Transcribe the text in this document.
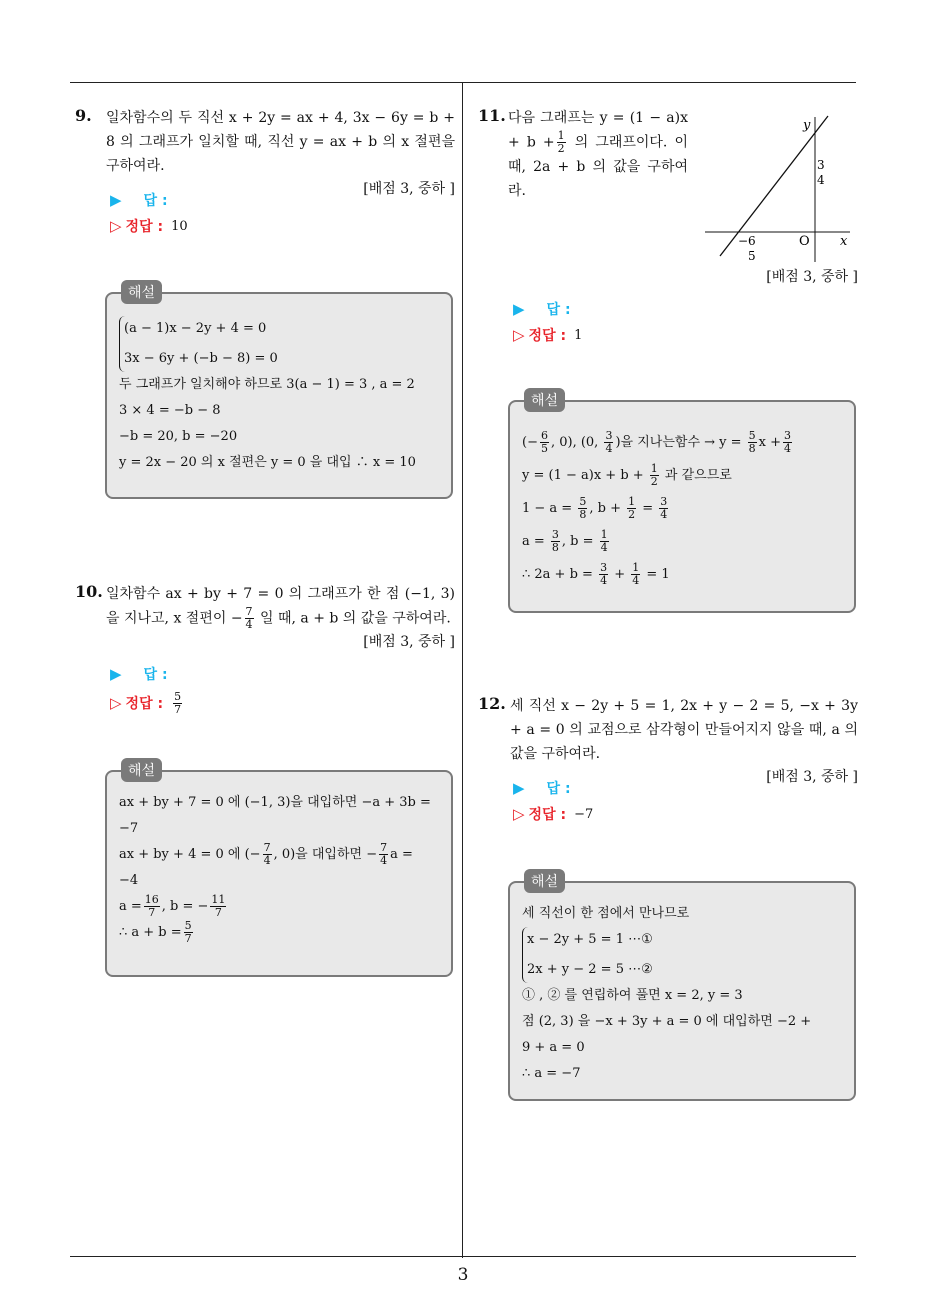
3
9. 일차함수의 두 직선 x + 2y = ax + 4, 3x − 6y = b + 8 의 그래프가 일치할 때, 직선 y = ax + b 의 x 절편을 구하여라.
[배점 3, 중하 ]
▶ 답 :
▷ 정답 : 10
해설
(a − 1)x − 2y + 4 = 0
3x − 6y + (−b − 8) = 0
두 그래프가 일치해야 하므로 3(a − 1) = 3 , a = 2
3 × 4 = −b − 8
−b = 20, b = −20
y = 2x − 20 의 x 절편은 y = 0 을 대입 ∴ x = 10
10. 일차함수 ax + by + 7 = 0 의 그래프가 한 점 (−1, 3) 을 지나고, x 절편이 − $\frac{7}{4}$ 일 때, a + b 의 값을 구하여라.
[배점 3, 중하 ]
▶ 답 :
▷ 정답 : $\frac{5}{7}$
해설
ax + by + 7 = 0 에 (−1, 3)을 대입하면 −a + 3b =
−7
ax + by + 4 = 0 에 (− $\frac{7}{4}$ , 0)을 대입하면 − $\frac{7}{4}$ a =
−4
$a = \frac{16}{7}$ , b = − $\frac{11}{7}$
∴ $a + b = \frac{5}{7}$
11. 다음 그래프는 $y = (1 - a)x + b + \frac{1}{2}$ 의 그래프이다. 이때, 2a + b 의 값을 구하여라.
y
x
O
3
4
− 6
5
[배점 3, 중하 ]
▶ 답 :
▷ 정답 : 1
해설
(− $\frac{6}{5}$ , 0), (0, $\frac{3}{4}$ )을 지나는함수 → $y = \frac{5}{8}$ $x + \frac{3}{4}$
$y = (1 - a)x + b + \frac{1}{2}$ 과 같으므로
$1 - a = \frac{5}{8}$ , $b + \frac{1}{2} = \frac{3}{4}$
$a = \frac{3}{8}$ , $b = \frac{1}{4}$
∴ $2a + b = \frac{3}{4} + \frac{1}{4} = 1$
12. 세 직선 x − 2y + 5 = 1, 2x + y − 2 = 5, −x + 3y + a = 0 의 교점으로 삼각형이 만들어지지 않을 때, a 의 값을 구하여라.
[배점 3, 중하 ]
▶ 답 :
▷ 정답 : −7
해설
세 직선이 한 점에서 만나므로
x − 2y + 5 = 1 ⋯①
2x + y − 2 = 5 ⋯②
① , ② 를 연립하여 풀면 x = 2, y = 3
점 (2, 3) 을 −x + 3y + a = 0 에 대입하면 −2 +
9 + a = 0
∴ a = −7
